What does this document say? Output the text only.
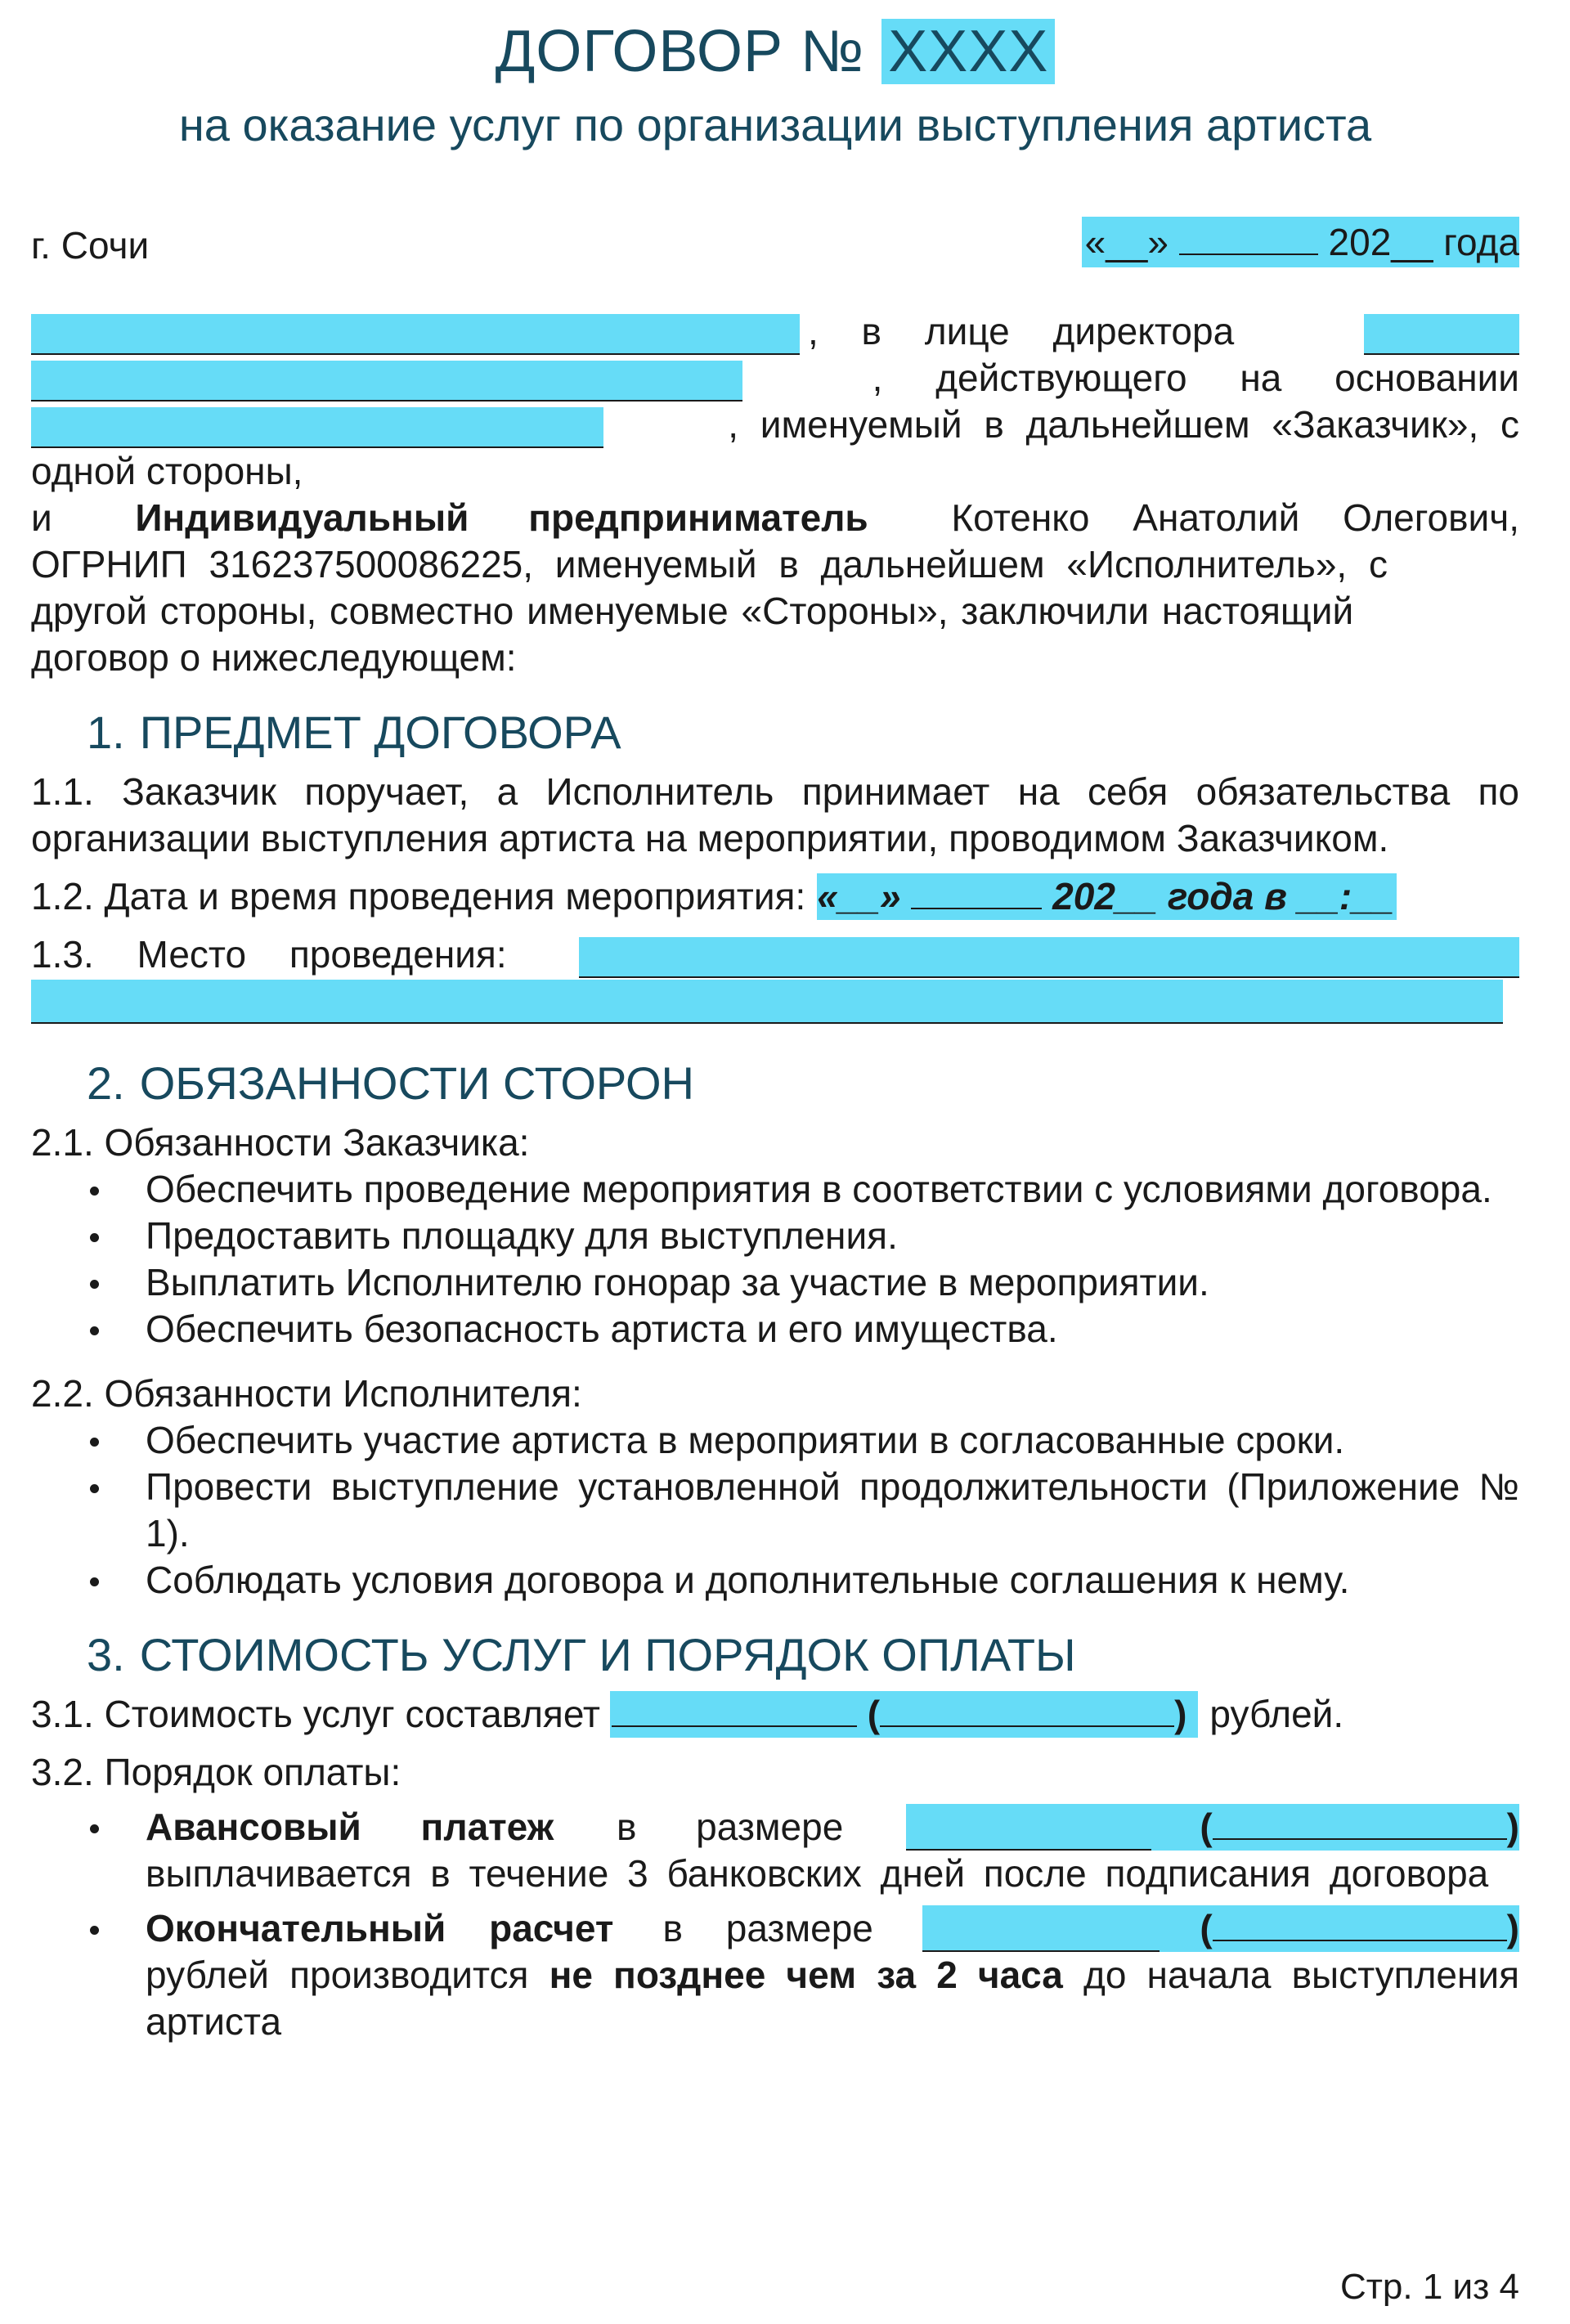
ДОГОВОР № XXXX
на оказание услуг по организации выступления артиста
г. Сочи	«__»	202__ года
, в лице директора
, действующего на основании
, именуемый в дальнейшем «Заказчик», с
одной стороны,
и Индивидуальный предприниматель Котенко Анатолий Олегович,
ОГРНИП 316237500086225, именуемый в дальнейшем «Исполнитель», с
другой стороны, совместно именуемые «Стороны», заключили настоящий
договор о нижеследующем:
1. ПРЕДМЕТ ДОГОВОРА
1.1. Заказчик поручает, а Исполнитель принимает на себя обязательства по организации выступления артиста на мероприятии, проводимом Заказчиком.
1.2. Дата и время проведения мероприятия: «__»	202__ года в __:__
1.3. Место проведения:
2. ОБЯЗАННОСТИ СТОРОН
2.1. Обязанности Заказчика:
Обеспечить проведение мероприятия в соответствии с условиями договора.
Предоставить площадку для выступления.
Выплатить Исполнителю гонорар за участие в мероприятии.
Обеспечить безопасность артиста и его имущества.
2.2. Обязанности Исполнителя:
Обеспечить участие артиста в мероприятии в согласованные сроки.
Провести выступление установленной продолжительности (Приложение № 1).
Соблюдать условия договора и дополнительные соглашения к нему.
3. СТОИМОСТЬ УСЛУГ И ПОРЯДОК ОПЛАТЫ
3.1. Стоимость услуг составляет	(	) рублей.
3.2. Порядок оплаты:
Авансовый платеж в размере	(	)
выплачивается в течение 3 банковских дней после подписания договора
Окончательный расчет в размере	(	)
рублей производится не позднее чем за 2 часа до начала выступления артиста
Стр. 1 из 4
